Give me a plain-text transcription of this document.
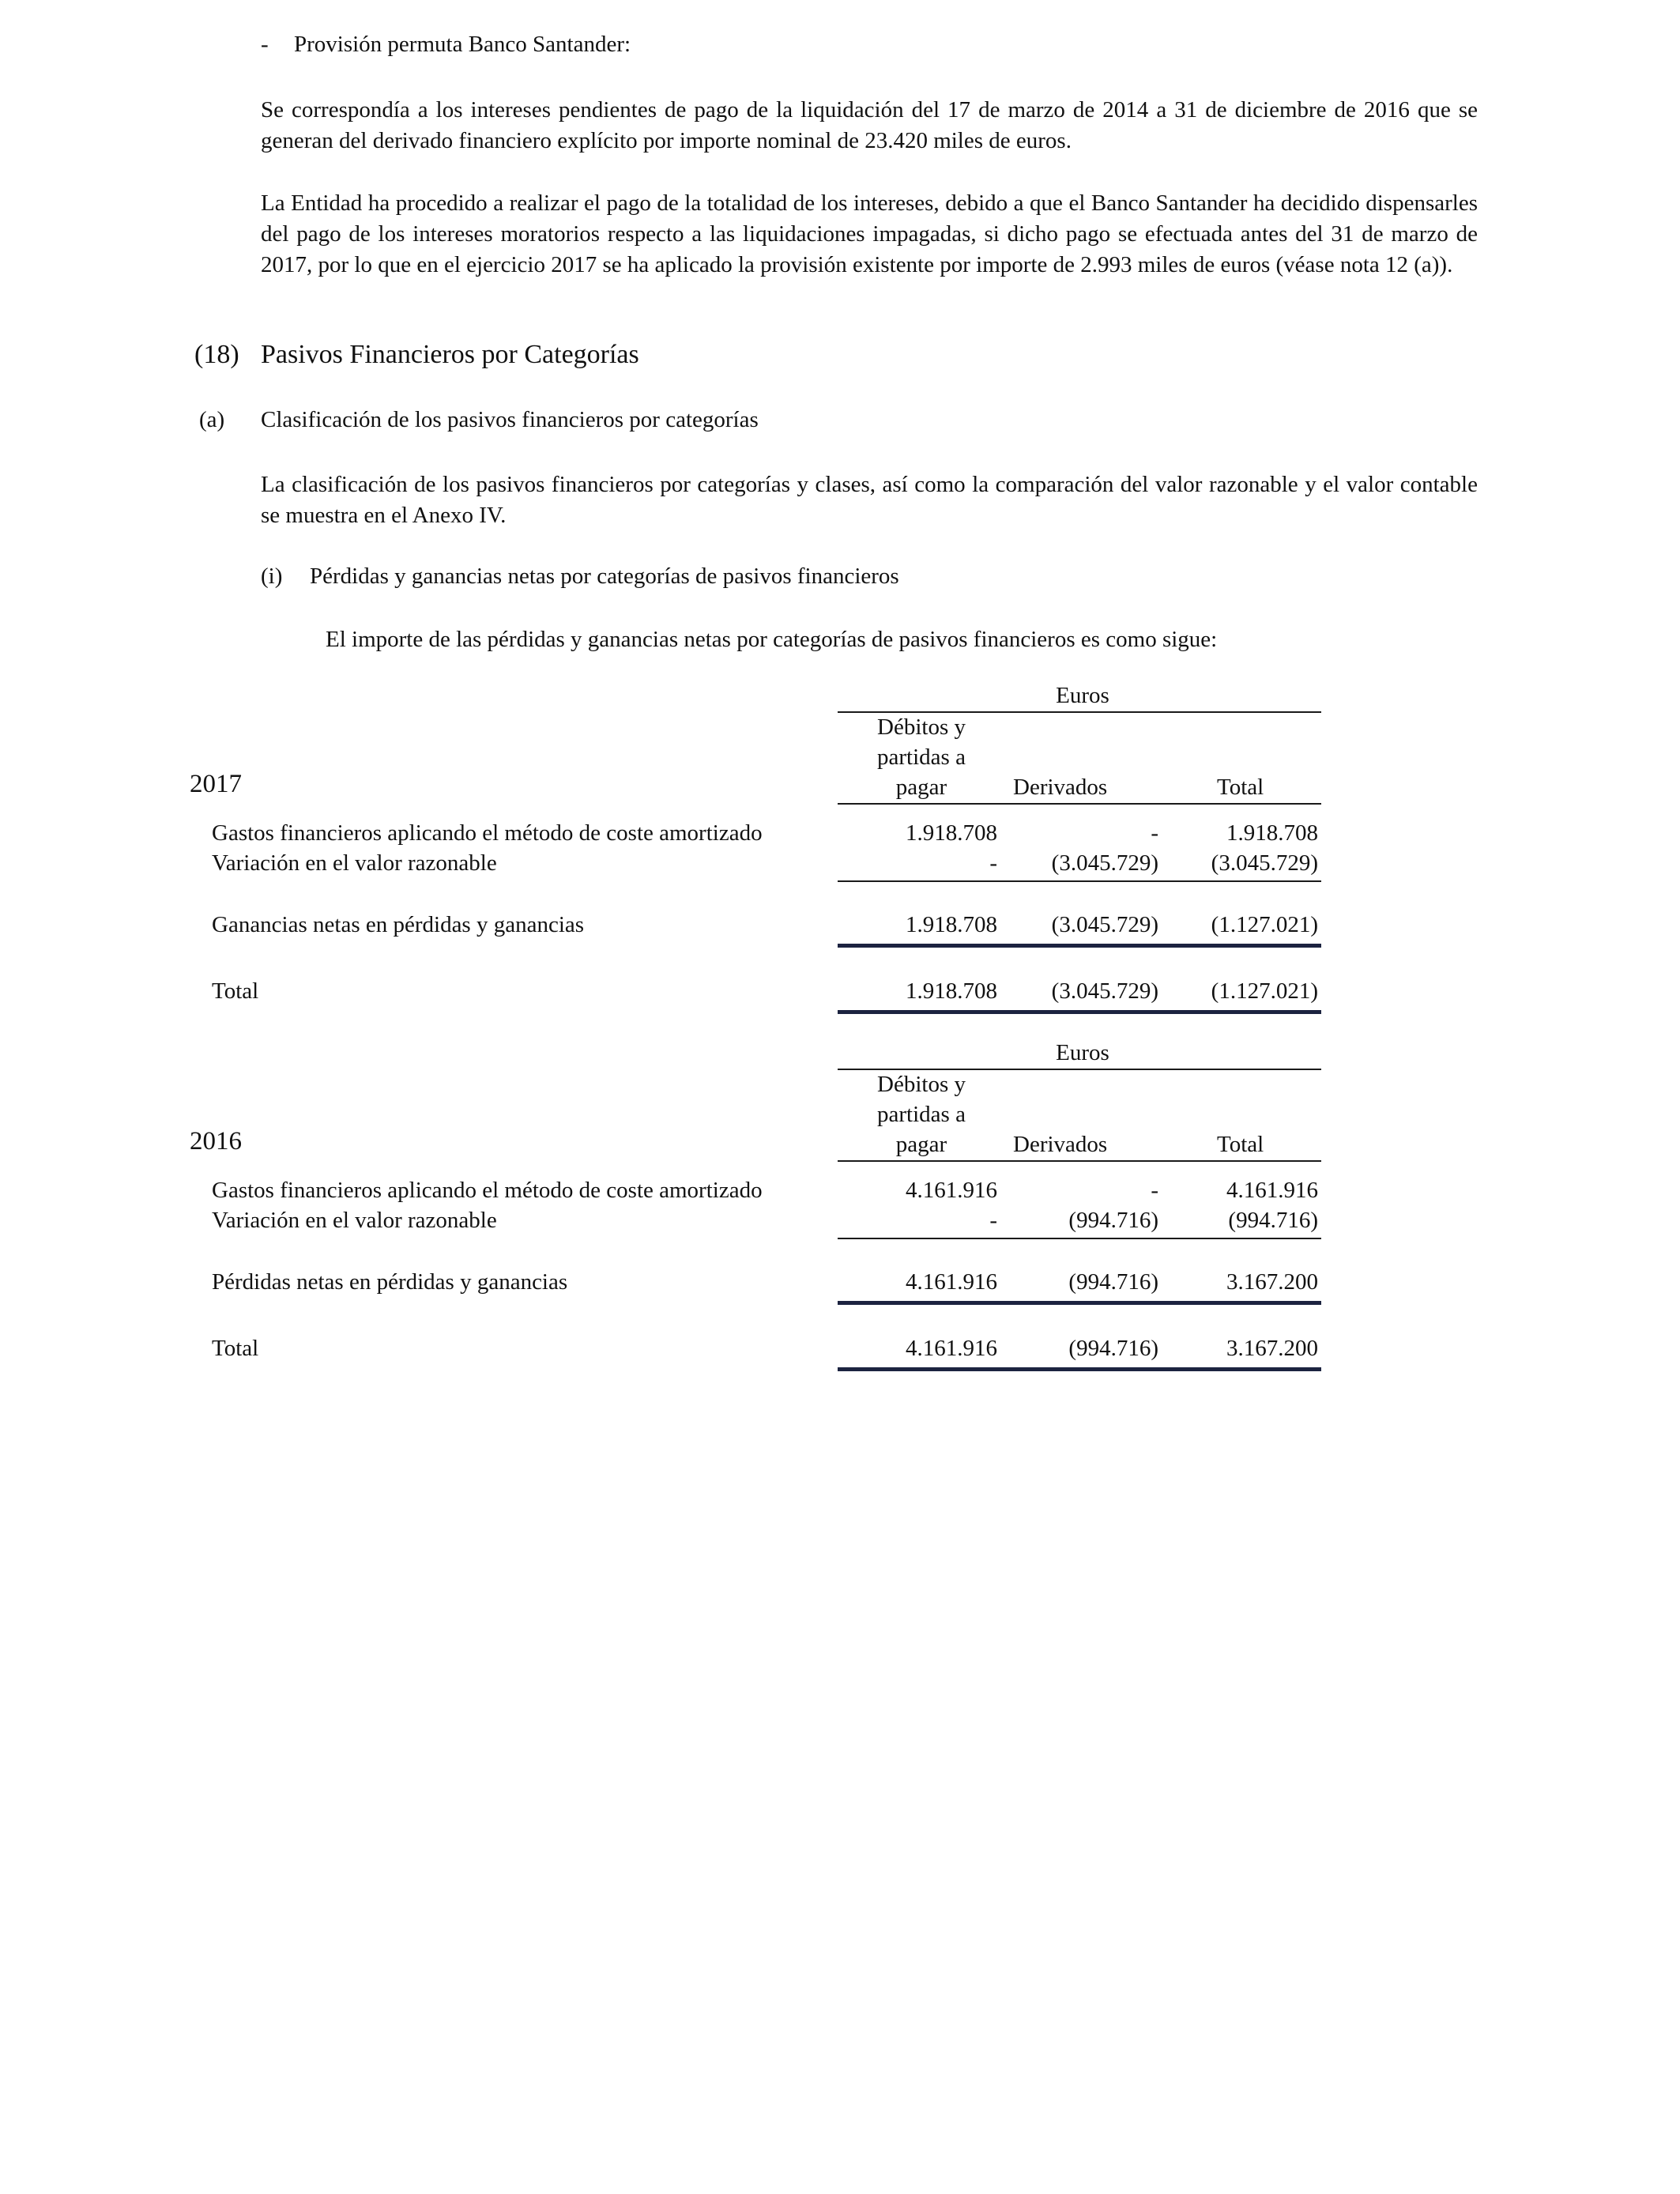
- Provisión permuta Banco Santander:
Se correspondía a los intereses pendientes de pago de la liquidación del 17 de marzo de 2014 a 31 de diciembre de 2016 que se generan del derivado financiero explícito por importe nominal de 23.420 miles de euros.
La Entidad ha procedido a realizar el pago de la totalidad de los intereses, debido a que el Banco Santander ha decidido dispensarles del pago de los intereses moratorios respecto a las liquidaciones impagadas, si dicho pago se efectuada antes del 31 de marzo de 2017, por lo que en el ejercicio 2017 se ha aplicado la provisión existente por importe de 2.993 miles de euros (véase nota 12 (a)).
(18) Pasivos Financieros por Categorías
(a) Clasificación de los pasivos financieros por categorías
La clasificación de los pasivos financieros por categorías y clases, así como la comparación del valor razonable y el valor contable se muestra en el Anexo IV.
(i) Pérdidas y ganancias netas por categorías de pasivos financieros
El importe de las pérdidas y ganancias netas por categorías de pasivos financieros es como sigue:
Euros
Débitos y
partidas a
2017	pagar	Derivados	Total
Gastos financieros aplicando el método de coste amortizado	1.918.708	-	1.918.708
Variación en el valor razonable	-	(3.045.729)	(3.045.729)
Ganancias netas en pérdidas y ganancias	1.918.708	(3.045.729)	(1.127.021)
Total	1.918.708	(3.045.729)	(1.127.021)
Euros
Débitos y
partidas a
2016	pagar	Derivados	Total
Gastos financieros aplicando el método de coste amortizado	4.161.916	-	4.161.916
Variación en el valor razonable	-	(994.716)	(994.716)
Pérdidas netas en pérdidas y ganancias	4.161.916	(994.716)	3.167.200
Total	4.161.916	(994.716)	3.167.200
